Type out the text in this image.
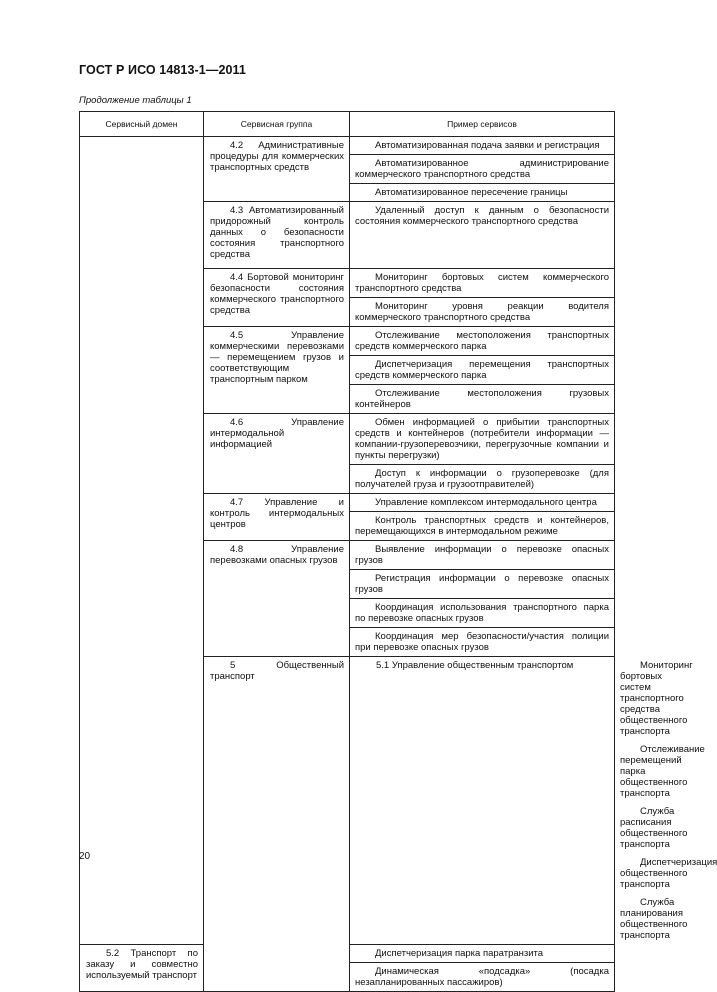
ГОСТ Р ИСО 14813-1—2011
Продолжение таблицы 1
Сервисный домен	Сервисная группа	Пример сервисов	

	4.2 Административные процедуры для коммерческих транспортных средств	Автоматизированная подача заявки и регистрация	

		Автоматизированное администрирование коммерческого транспортного средства	

		Автоматизированное пересечение границы	

	4.3 Автоматизированный придорожный контроль данных о безопасности состояния транспортного средства	Удаленный доступ к данным о безопасности состояния коммерческого транспортного средства	

	4.4 Бортовой мониторинг безопасности состояния коммерческого транспортного средства	Мониторинг бортовых систем коммерческого транспортного средства	

		Мониторинг уровня реакции водителя коммерческого транспортного средства	

	4.5 Управление коммерческими перевозками — перемещением грузов и соответствующим транспортным парком	Отслеживание местоположения транспортных средств коммерческого парка	

		Диспетчеризация перемещения транспортных средств коммерческого парка	

		Отслеживание местоположения грузовых контейнеров	

	4.6 Управление интермодальной информацией	Обмен информацией о прибытии транспортных средств и контейнеров (потребители информации — компании-грузоперевозчики, перегрузочные компании и пункты перегрузки)	

		Доступ к информации о грузоперевозке (для получателей груза и грузоотправителей)	

	4.7 Управление и контроль интермодальных центров	Управление комплексом интермодального центра	

		Контроль транспортных средств и контейнеров, перемещающихся в интермодальном режиме	

	4.8 Управление перевозками опасных грузов	Выявление информации о перевозке опасных грузов	

		Регистрация информации о перевозке опасных грузов	

		Координация использования транспортного парка по перевозке опасных грузов	

		Координация мер безопасности/участия полиции при перевозке опасных грузов	

	5 Общественный транспорт	5.1 Управление общественным транспортом	Мониторинг бортовых систем транспортного средства общественного транспорта

			Отслеживание перемещений парка общественного транспорта

			Служба расписания общественного транспорта

			Диспетчеризация общественного транспорта

			Служба планирования общественного транспорта

5.2 Транспорт по заказу и совместно используемый транспорт		Диспетчеризация парка паратранзита	

		Динамическая «подсадка» (посадка незапланированных пассажиров)	
20
